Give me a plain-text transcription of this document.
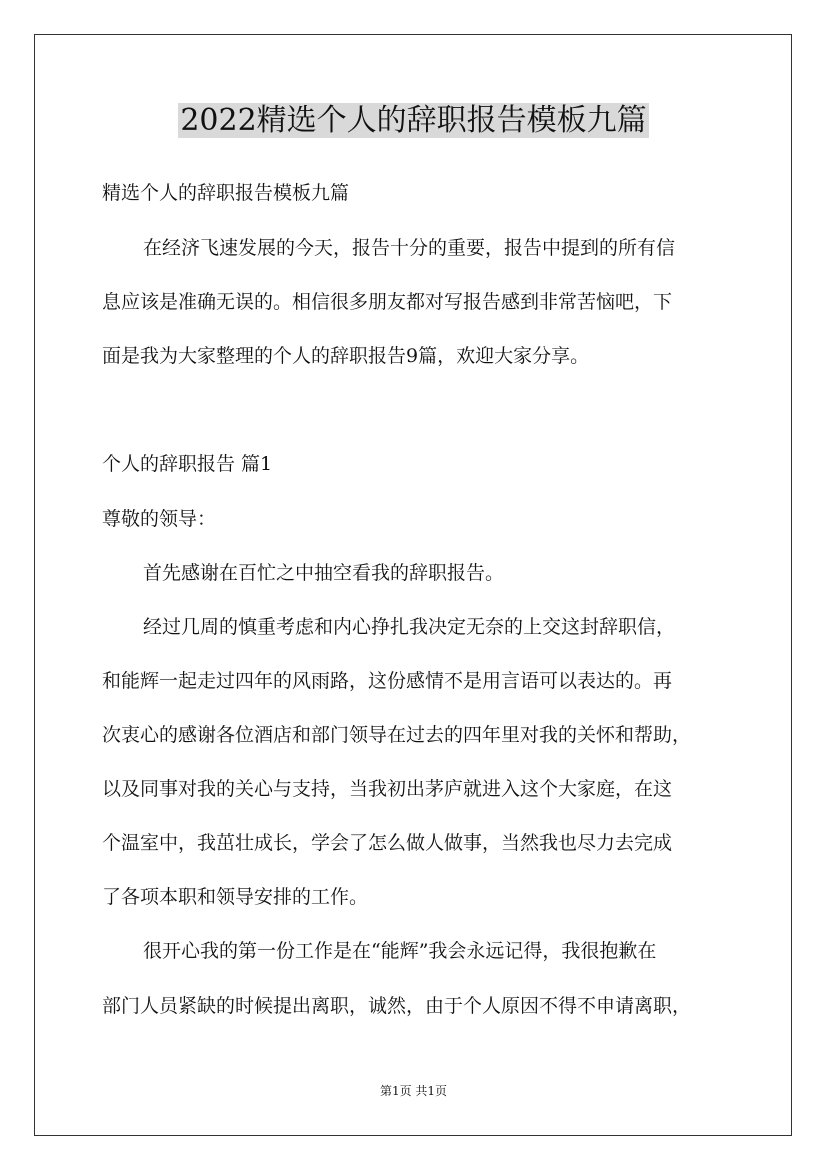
2022精选个人的辞职报告模板九篇
精选个人的辞职报告模板九篇
在经济飞速发展的今天，报告十分的重要，报告中提到的所有信
息应该是准确无误的。相信很多朋友都对写报告感到非常苦恼吧，下
面是我为大家整理的个人的辞职报告9篇，欢迎大家分享。
个人的辞职报告 篇1
尊敬的领导：
首先感谢在百忙之中抽空看我的辞职报告。
经过几周的慎重考虑和内心挣扎我决定无奈的上交这封辞职信，
和能辉一起走过四年的风雨路，这份感情不是用言语可以表达的。再
次衷心的感谢各位酒店和部门领导在过去的四年里对我的关怀和帮助，
以及同事对我的关心与支持，当我初出茅庐就进入这个大家庭，在这
个温室中，我茁壮成长，学会了怎么做人做事，当然我也尽力去完成
了各项本职和领导安排的工作。
很开心我的第一份工作是在“能辉”我会永远记得，我很抱歉在
部门人员紧缺的时候提出离职，诚然，由于个人原因不得不申请离职，
第1页 共1页
